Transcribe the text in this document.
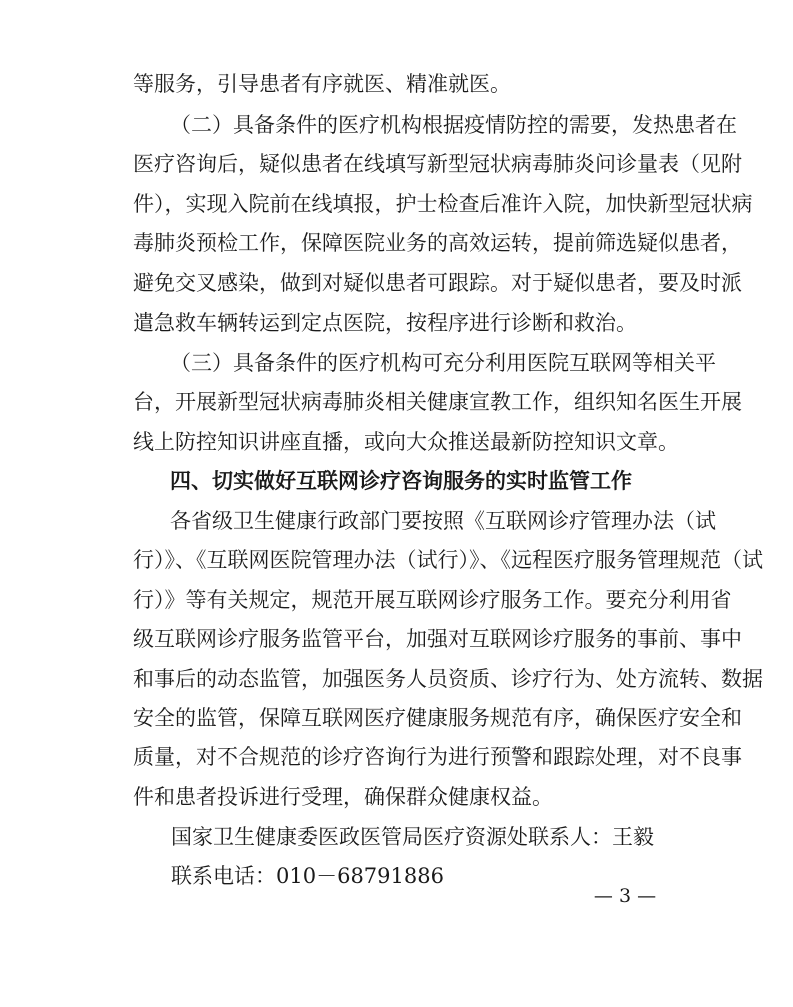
等服务，引导患者有序就医、精准就医。
（二）具备条件的医疗机构根据疫情防控的需要，发热患者在
医疗咨询后，疑似患者在线填写新型冠状病毒肺炎问诊量表（见附
件），实现入院前在线填报，护士检查后准许入院，加快新型冠状病
毒肺炎预检工作，保障医院业务的高效运转，提前筛选疑似患者，
避免交叉感染，做到对疑似患者可跟踪。对于疑似患者，要及时派
遣急救车辆转运到定点医院，按程序进行诊断和救治。
（三）具备条件的医疗机构可充分利用医院互联网等相关平
台，开展新型冠状病毒肺炎相关健康宣教工作，组织知名医生开展
线上防控知识讲座直播，或向大众推送最新防控知识文章。
四、切实做好互联网诊疗咨询服务的实时监管工作
各省级卫生健康行政部门要按照《互联网诊疗管理办法（试
行）》、《互联网医院管理办法（试行）》、《远程医疗服务管理规范（试
行）》等有关规定，规范开展互联网诊疗服务工作。要充分利用省
级互联网诊疗服务监管平台，加强对互联网诊疗服务的事前、事中
和事后的动态监管，加强医务人员资质、诊疗行为、处方流转、数据
安全的监管，保障互联网医疗健康服务规范有序，确保医疗安全和
质量，对不合规范的诊疗咨询行为进行预警和跟踪处理，对不良事
件和患者投诉进行受理，确保群众健康权益。
国家卫生健康委医政医管局医疗资源处联系人：王毅
联系电话：010－68791886
— 3 —
